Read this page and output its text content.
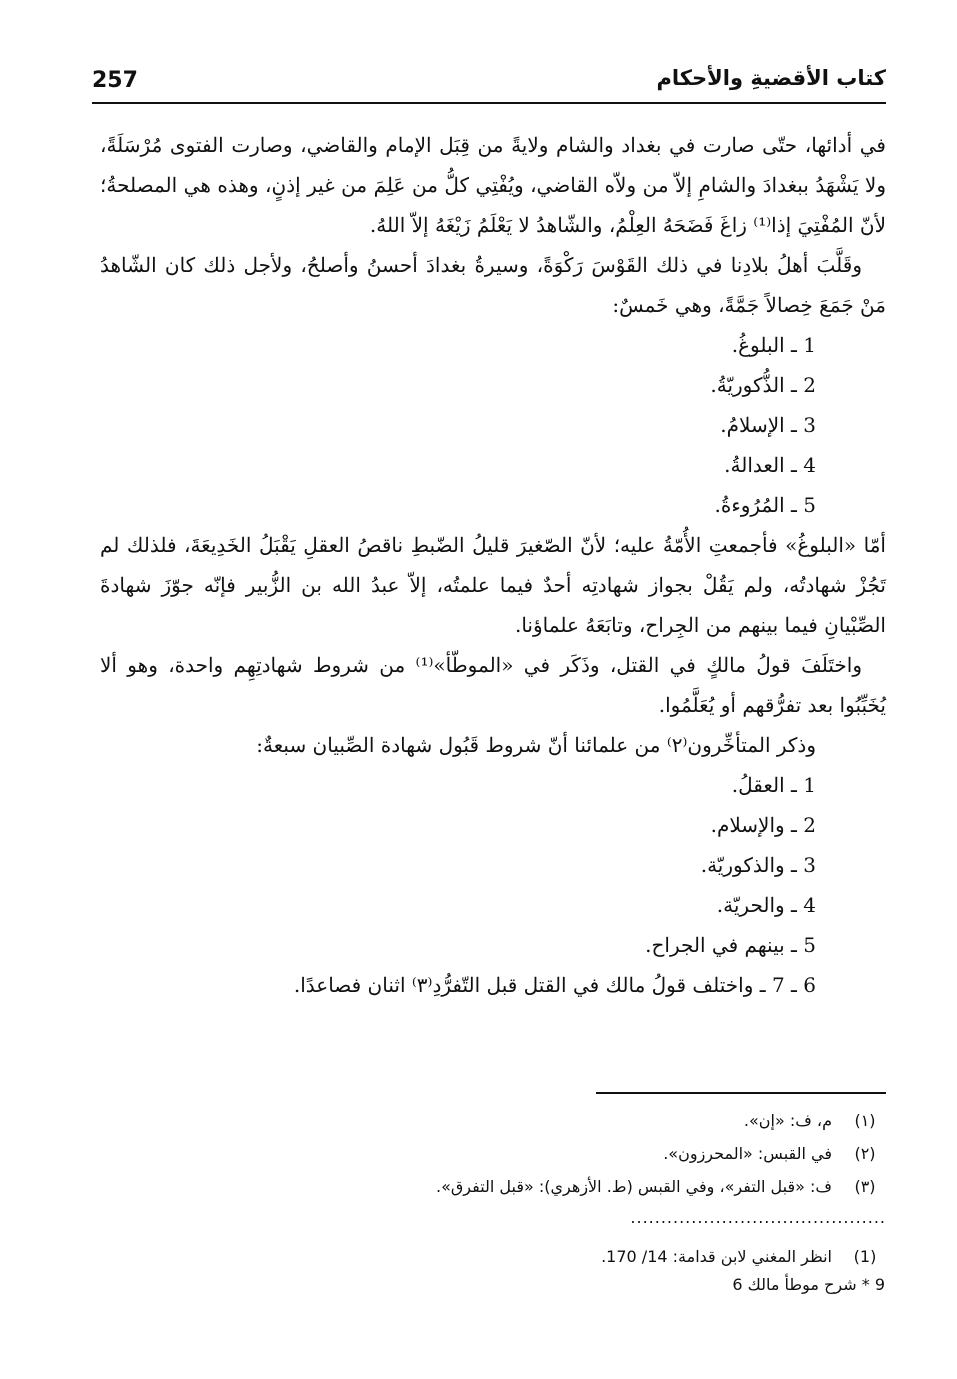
257	كتاب الأقضيةِ والأحكام

في أدائها، حتّى صارت في بغداد والشام ولايةً من قِبَل الإمام والقاضي، وصارت الفتوى مُرْسَلَةً، ولا يَشْهَدُ ببغدادَ والشامِ إلاّ من ولاّه القاضي، ويُفْتِي كلُّ من عَلِمَ من غير إذنٍ، وهذه هي المصلحةُ؛ لأنّ المُفْتِيَ إذا⁽¹⁾ زاغَ فَضَحَهُ العِلْمُ، والشّاهدُ لا يَعْلَمُ زَيْغَهُ إلاّ اللهُ.

وقَلَّبَ أهلُ بلادِنا في ذلك القَوْسَ رَكْوَةً، وسيرةُ بغدادَ أحسنُ وأصلحُ، ولأجل ذلك كان الشّاهدُ مَنْ جَمَعَ خِصالاً جَمَّةً، وهي خَمسٌ:

1 ـ البلوغُ.

2 ـ الذُّكوريّةُ.

3 ـ الإسلامُ.

4 ـ العدالةُ.

5 ـ المُرُوءةُ.

أمّا «البلوغُ» فأجمعتِ الأُمّةُ عليه؛ لأنّ الصّغيرَ قليلُ الضّبطِ ناقصُ العقلِ يَقْبَلُ الخَدِيعَةَ، فلذلك لم تَجُزْ شهادتُه، ولم يَقُلْ بجواز شهادتِه أحدٌ فيما علمتُه، إلاّ عبدُ الله بن الزُّبير فإنّه جوّزَ شهادةَ الصِّبْيانِ فيما بينهم من الجِراح، وتابَعَهُ علماؤنا.

واختَلَفَ قولُ مالكٍ في القتل، وذَكَر في «الموطّأ»⁽¹⁾ من شروط شهادتِهِم واحدة، وهو ألا يُخَبِّبُوا بعد تفرُّقهم أو يُعَلَّمُوا.

وذكر المتأخِّرون⁽٢⁾ من علمائنا أنّ شروط قَبُول شهادة الصِّبيان سبعةٌ:

1 ـ العقلُ.

2 ـ والإسلام.

3 ـ والذكوريّة.

4 ـ والحريّة.

5 ـ بينهم في الجراح.

6 ـ 7 ـ واختلف قولُ مالك في القتل قبل التّفرُّدِ⁽٣⁾ اثنان فصاعدًا.

(١)
م، ف: «إن».
(٢)
في القبس: «المحرزون».
(٣)
ف: «قبل التفر»، وفي القبس (ط. الأزهري): «قبل التفرق».
..........................................
(1)
انظر المغني لابن قدامة: 14/ 170.
9 * شرح موطأ مالك 6
